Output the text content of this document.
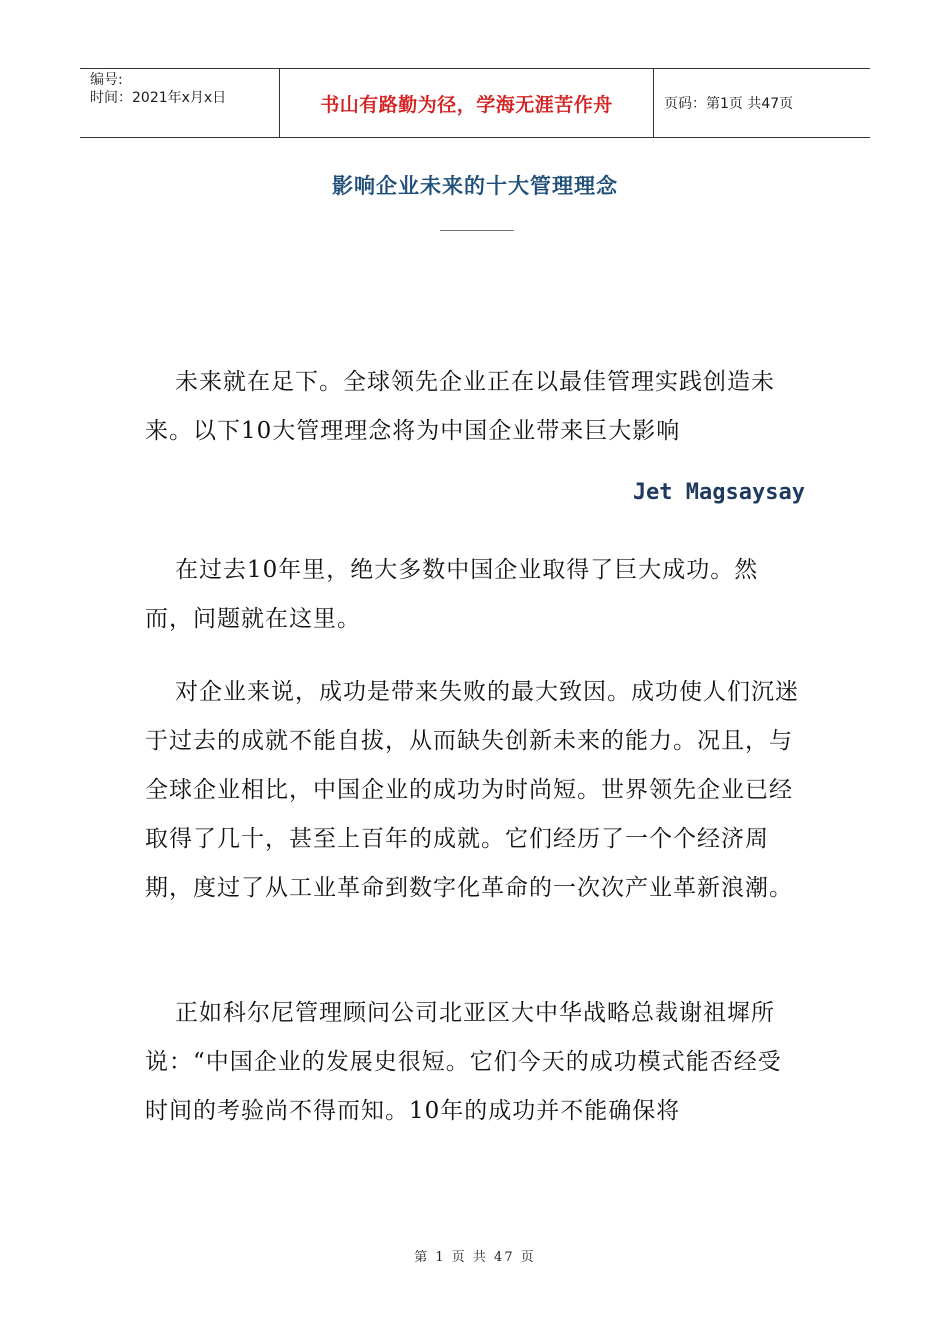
编号:
时间：2021年x月x日	书山有路勤为径，学海无涯苦作舟	页码：第1页 共47页
影响企业未来的十大管理理念

未来就在足下。全球领先企业正在以最佳管理实践创造未来。以下10大管理理念将为中国企业带来巨大影响

Jet Magsaysay

在过去10年里，绝大多数中国企业取得了巨大成功。然而，问题就在这里。

对企业来说，成功是带来失败的最大致因。成功使人们沉迷于过去的成就不能自拔，从而缺失创新未来的能力。况且，与全球企业相比，中国企业的成功为时尚短。世界领先企业已经取得了几十，甚至上百年的成就。它们经历了一个个经济周期，度过了从工业革命到数字化革命的一次次产业革新浪潮。

正如科尔尼管理顾问公司北亚区大中华战略总裁谢祖墀所说：“中国企业的发展史很短。它们今天的成功模式能否经受时间的考验尚不得而知。10年的成功并不能确保将

第 1 页 共 47 页
